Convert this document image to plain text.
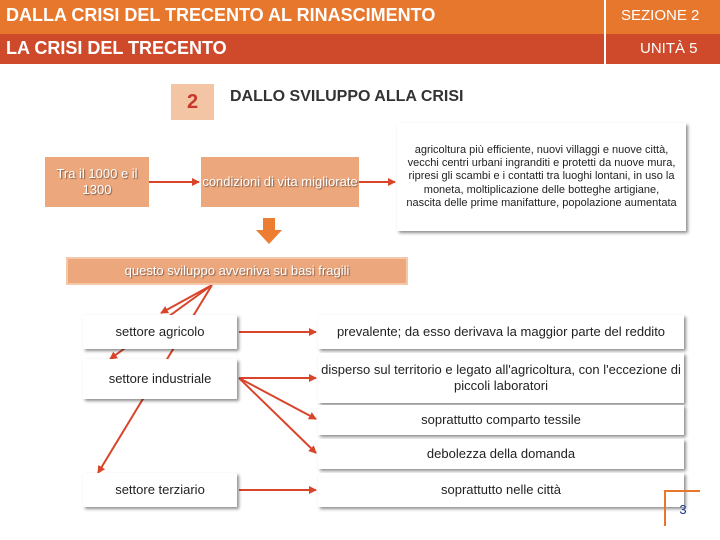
DALLA CRISI DEL TRECENTO AL RINASCIMENTO
LA CRISI DEL TRECENTO
SEZIONE 2
UNITÀ 5
2	DALLO SVILUPPO ALLA CRISI
Tra il 1000 e il 1300
condizioni di vita migliorate
agricoltura più efficiente, nuovi villaggi e nuove città, vecchi centri urbani ingranditi e protetti da nuove mura, ripresi gli scambi e i contatti tra luoghi lontani, in uso la moneta, moltiplicazione delle botteghe artigiane, nascita delle prime manifatture, popolazione aumentata
questo sviluppo avveniva su basi fragili
settore agricolo
settore industriale
settore terziario
prevalente; da esso derivava la maggior parte del reddito
disperso sul territorio e legato all'agricoltura, con l'eccezione di piccoli laboratori
soprattutto comparto tessile
debolezza della domanda
soprattutto nelle città
3
